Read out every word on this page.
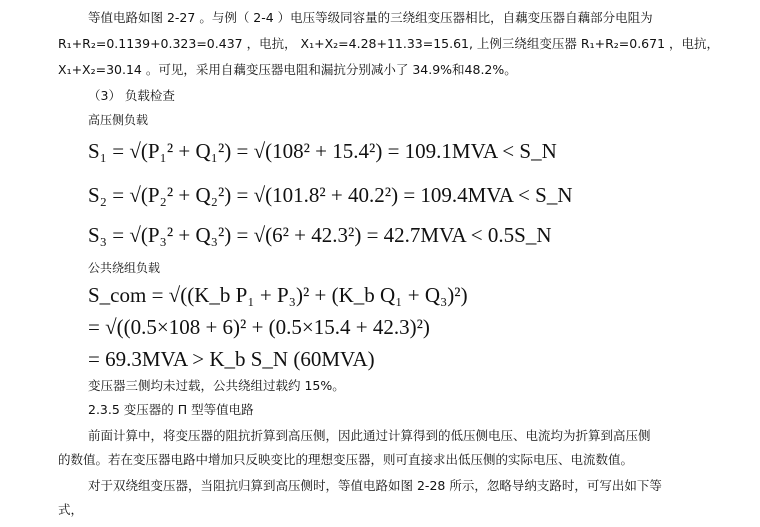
等值电路如图 2-27 。与例（ 2-4 ）电压等级同容量的三绕组变压器相比，自藕变压器自藕部分电阻为
R₁+R₂=0.1139+0.323=0.437 ，电抗， X₁+X₂=4.28+11.33=15.61, 上例三绕组变压器 R₁+R₂=0.671 ，电抗，
X₁+X₂=30.14 。可见，采用自藕变压器电阻和漏抗分别减小了 34.9%和48.2%。
（3） 负载检查
高压侧负载
S₁ = √(P₁² + Q₁²) = √(108² + 15.4²) = 109.1MVA < S_N
S₂ = √(P₂² + Q₂²) = √(101.8² + 40.2²) = 109.4MVA < S_N
S₃ = √(P₃² + Q₃²) = √(6² + 42.3²) = 42.7MVA < 0.5S_N
公共绕组负载
S_com = √((K_b P₁ + P₃)² + (K_b Q₁ + Q₃)²)
= √((0.5×108 + 6)² + (0.5×15.4 + 42.3)²)
= 69.3MVA > K_b S_N (60MVA)
变压器三侧均未过载，公共绕组过载约 15%。
2.3.5 变压器的 Π 型等值电路
前面计算中，将变压器的阻抗折算到高压侧，因此通过计算得到的低压侧电压、电流均为折算到高压侧
的数值。若在变压器电路中增加只反映变比的理想变压器，则可直接求出低压侧的实际电压、电流数值。
对于双绕组变压器，当阻抗归算到高压侧时，等值电路如图 2-28 所示，忽略导纳支路时，可写出如下等
式，
